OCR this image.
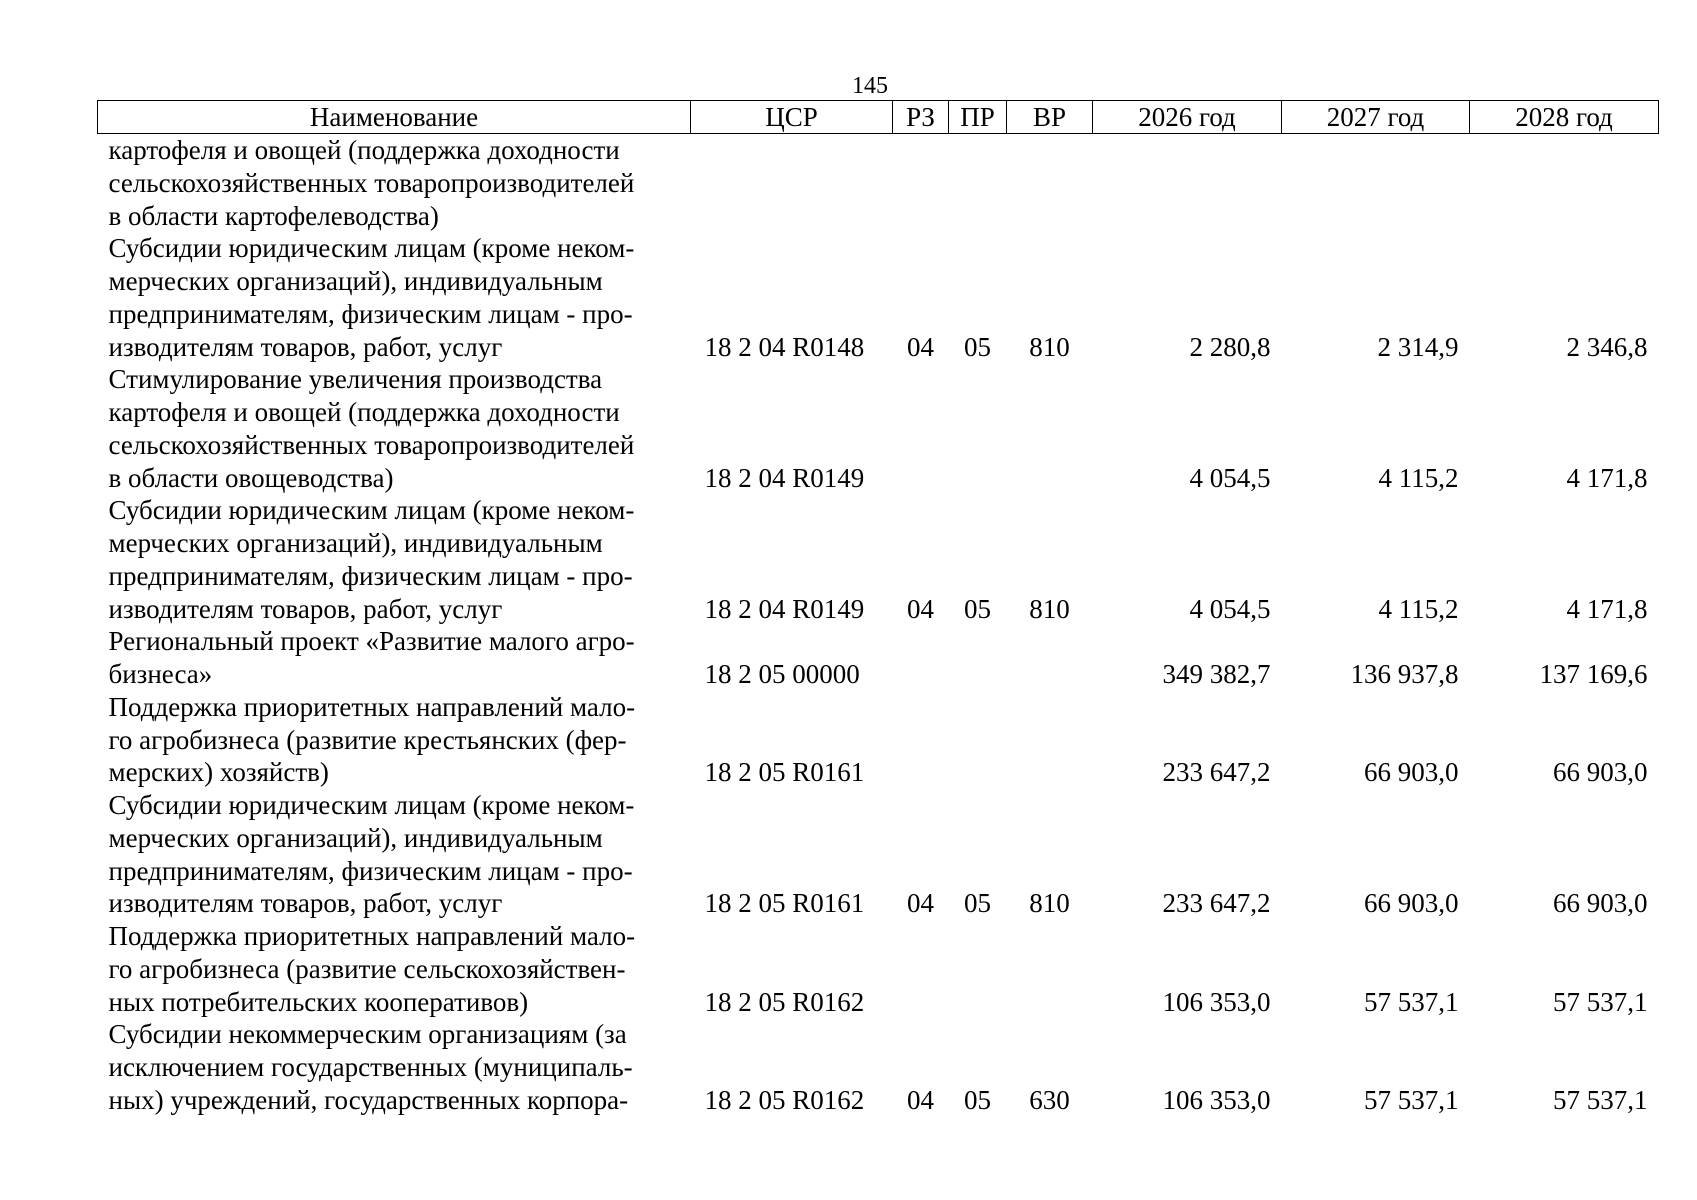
145
Наименование	ЦСР	РЗ	ПР	ВР	2026 год	2027 год	2028 год

картофеля и овощей (поддержка доходности
сельскохозяйственных товаропроизводителей
в области картофелеводства)							

Субсидии юридическим лицам (кроме неком-
мерческих организаций), индивидуальным
предпринимателям, физическим лицам - про-
изводителям товаров, работ, услуг	18 2 04 R0148	04	05	810	2 280,8	2 314,9	2 346,8

Стимулирование увеличения производства
картофеля и овощей (поддержка доходности
сельскохозяйственных товаропроизводителей
в области овощеводства)	18 2 04 R0149				4 054,5	4 115,2	4 171,8

Субсидии юридическим лицам (кроме неком-
мерческих организаций), индивидуальным
предпринимателям, физическим лицам - про-
изводителям товаров, работ, услуг	18 2 04 R0149	04	05	810	4 054,5	4 115,2	4 171,8

Региональный проект «Развитие малого агро-
бизнеса»	18 2 05 00000				349 382,7	136 937,8	137 169,6

Поддержка приоритетных направлений мало-
го агробизнеса (развитие крестьянских (фер-
мерских) хозяйств)	18 2 05 R0161				233 647,2	66 903,0	66 903,0

Субсидии юридическим лицам (кроме неком-
мерческих организаций), индивидуальным
предпринимателям, физическим лицам - про-
изводителям товаров, работ, услуг	18 2 05 R0161	04	05	810	233 647,2	66 903,0	66 903,0

Поддержка приоритетных направлений мало-
го агробизнеса (развитие сельскохозяйствен-
ных потребительских кооперативов)	18 2 05 R0162				106 353,0	57 537,1	57 537,1

Субсидии некоммерческим организациям (за
исключением государственных (муниципаль-
ных) учреждений, государственных корпора-	18 2 05 R0162	04	05	630	106 353,0	57 537,1	57 537,1
